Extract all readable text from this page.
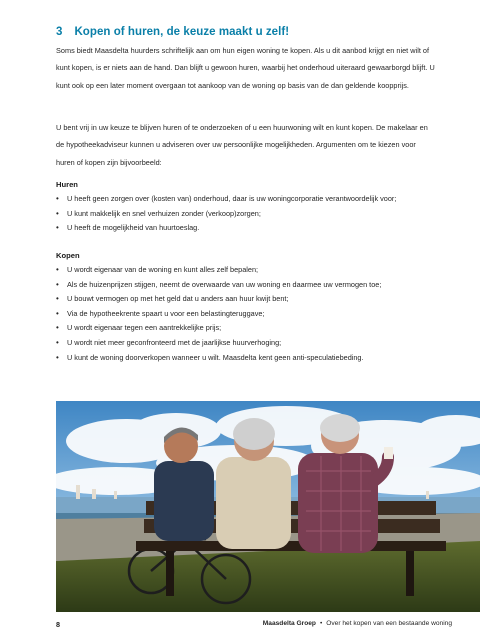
3 Kopen of huren, de keuze maakt u zelf!

Soms biedt Maasdelta huurders schriftelijk aan om hun eigen woning te kopen. Als u dit aanbod krijgt en niet wilt of kunt kopen, is er niets aan de hand. Dan blijft u gewoon huren, waarbij het onderhoud uiteraard gewaarborgd blijft. U kunt ook op een later moment overgaan tot aankoop van de woning op basis van de dan geldende koopprijs.

U bent vrij in uw keuze te blijven huren of te onderzoeken of u een huurwoning wilt en kunt kopen. De makelaar en de hypotheekadviseur kunnen u adviseren over uw persoonlijke mogelijkheden. Argumenten om te kiezen voor huren of kopen zijn bijvoorbeeld:

Huren
• U heeft geen zorgen over (kosten van) onderhoud, daar is uw woningcorporatie verantwoordelijk voor;
• U kunt makkelijk en snel verhuizen zonder (verkoop)zorgen;
• U heeft de mogelijkheid van huurtoeslag.
Kopen
• U wordt eigenaar van de woning en kunt alles zelf bepalen;
• Als de huizenprijzen stijgen, neemt de overwaarde van uw woning en daarmee uw vermogen toe;
• U bouwt vermogen op met het geld dat u anders aan huur kwijt bent;
• Via de hypotheekrente spaart u voor een belastingteruggave;
• U wordt eigenaar tegen een aantrekkelijke prijs;
• U wordt niet meer geconfronteerd met de jaarlijkse huurverhoging;
• U kunt de woning doorverkopen wanneer u wilt. Maasdelta kent geen anti-speculatiebeding.
8	Maasdelta Groep • Over het kopen van een bestaande woning
